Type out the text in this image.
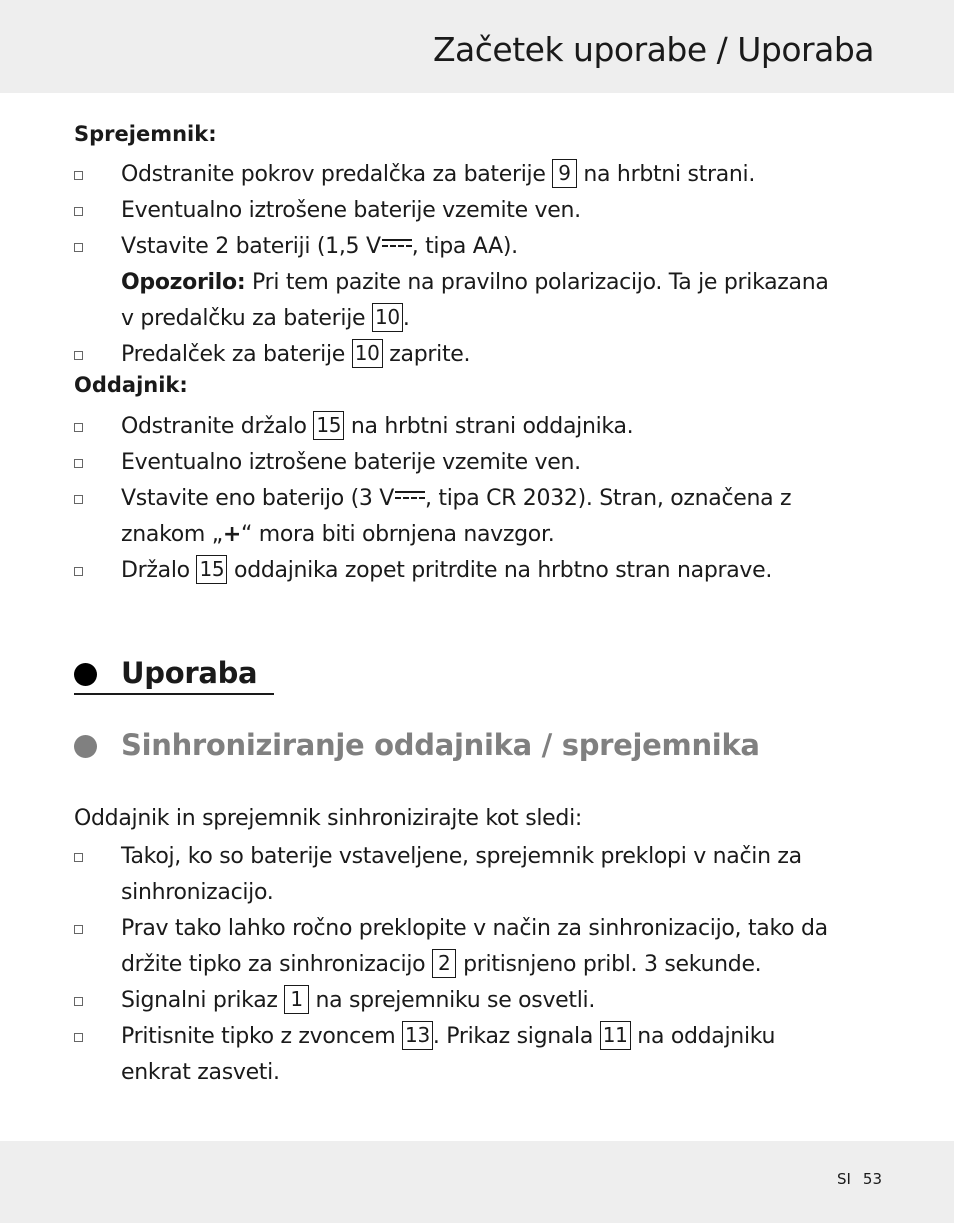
Začetek uporabe / Uporaba
Sprejemnik:
Odstranite pokrov predalčka za baterije 9 na hrbtni strani.
Eventualno iztrošene baterije vzemite ven.
Vstavite 2 bateriji (1,5 V , tipa AA).
Opozorilo: Pri tem pazite na pravilno polarizacijo. Ta je prikazana
v predalčku za baterije 10 .
Predalček za baterije 10 zaprite.
Oddajnik:
Odstranite držalo 15 na hrbtni strani oddajnika.
Eventualno iztrošene baterije vzemite ven.
Vstavite eno baterijo (3 V , tipa CR 2032). Stran, označena z
znakom „+“ mora biti obrnjena navzgor.
Držalo 15 oddajnika zopet pritrdite na hrbtno stran naprave.
Uporaba
Sinhroniziranje oddajnika / sprejemnika
Oddajnik in sprejemnik sinhronizirajte kot sledi:
Takoj, ko so baterije vstaveljene, sprejemnik preklopi v način za
sinhronizacijo.
Prav tako lahko ročno preklopite v način za sinhronizacijo, tako da
držite tipko za sinhronizacijo 2 pritisnjeno pribl. 3 sekunde.
Signalni prikaz 1 na sprejemniku se osvetli.
Pritisnite tipko z zvoncem 13 . Prikaz signala 11 na oddajniku
enkrat zasveti.
SI 53
